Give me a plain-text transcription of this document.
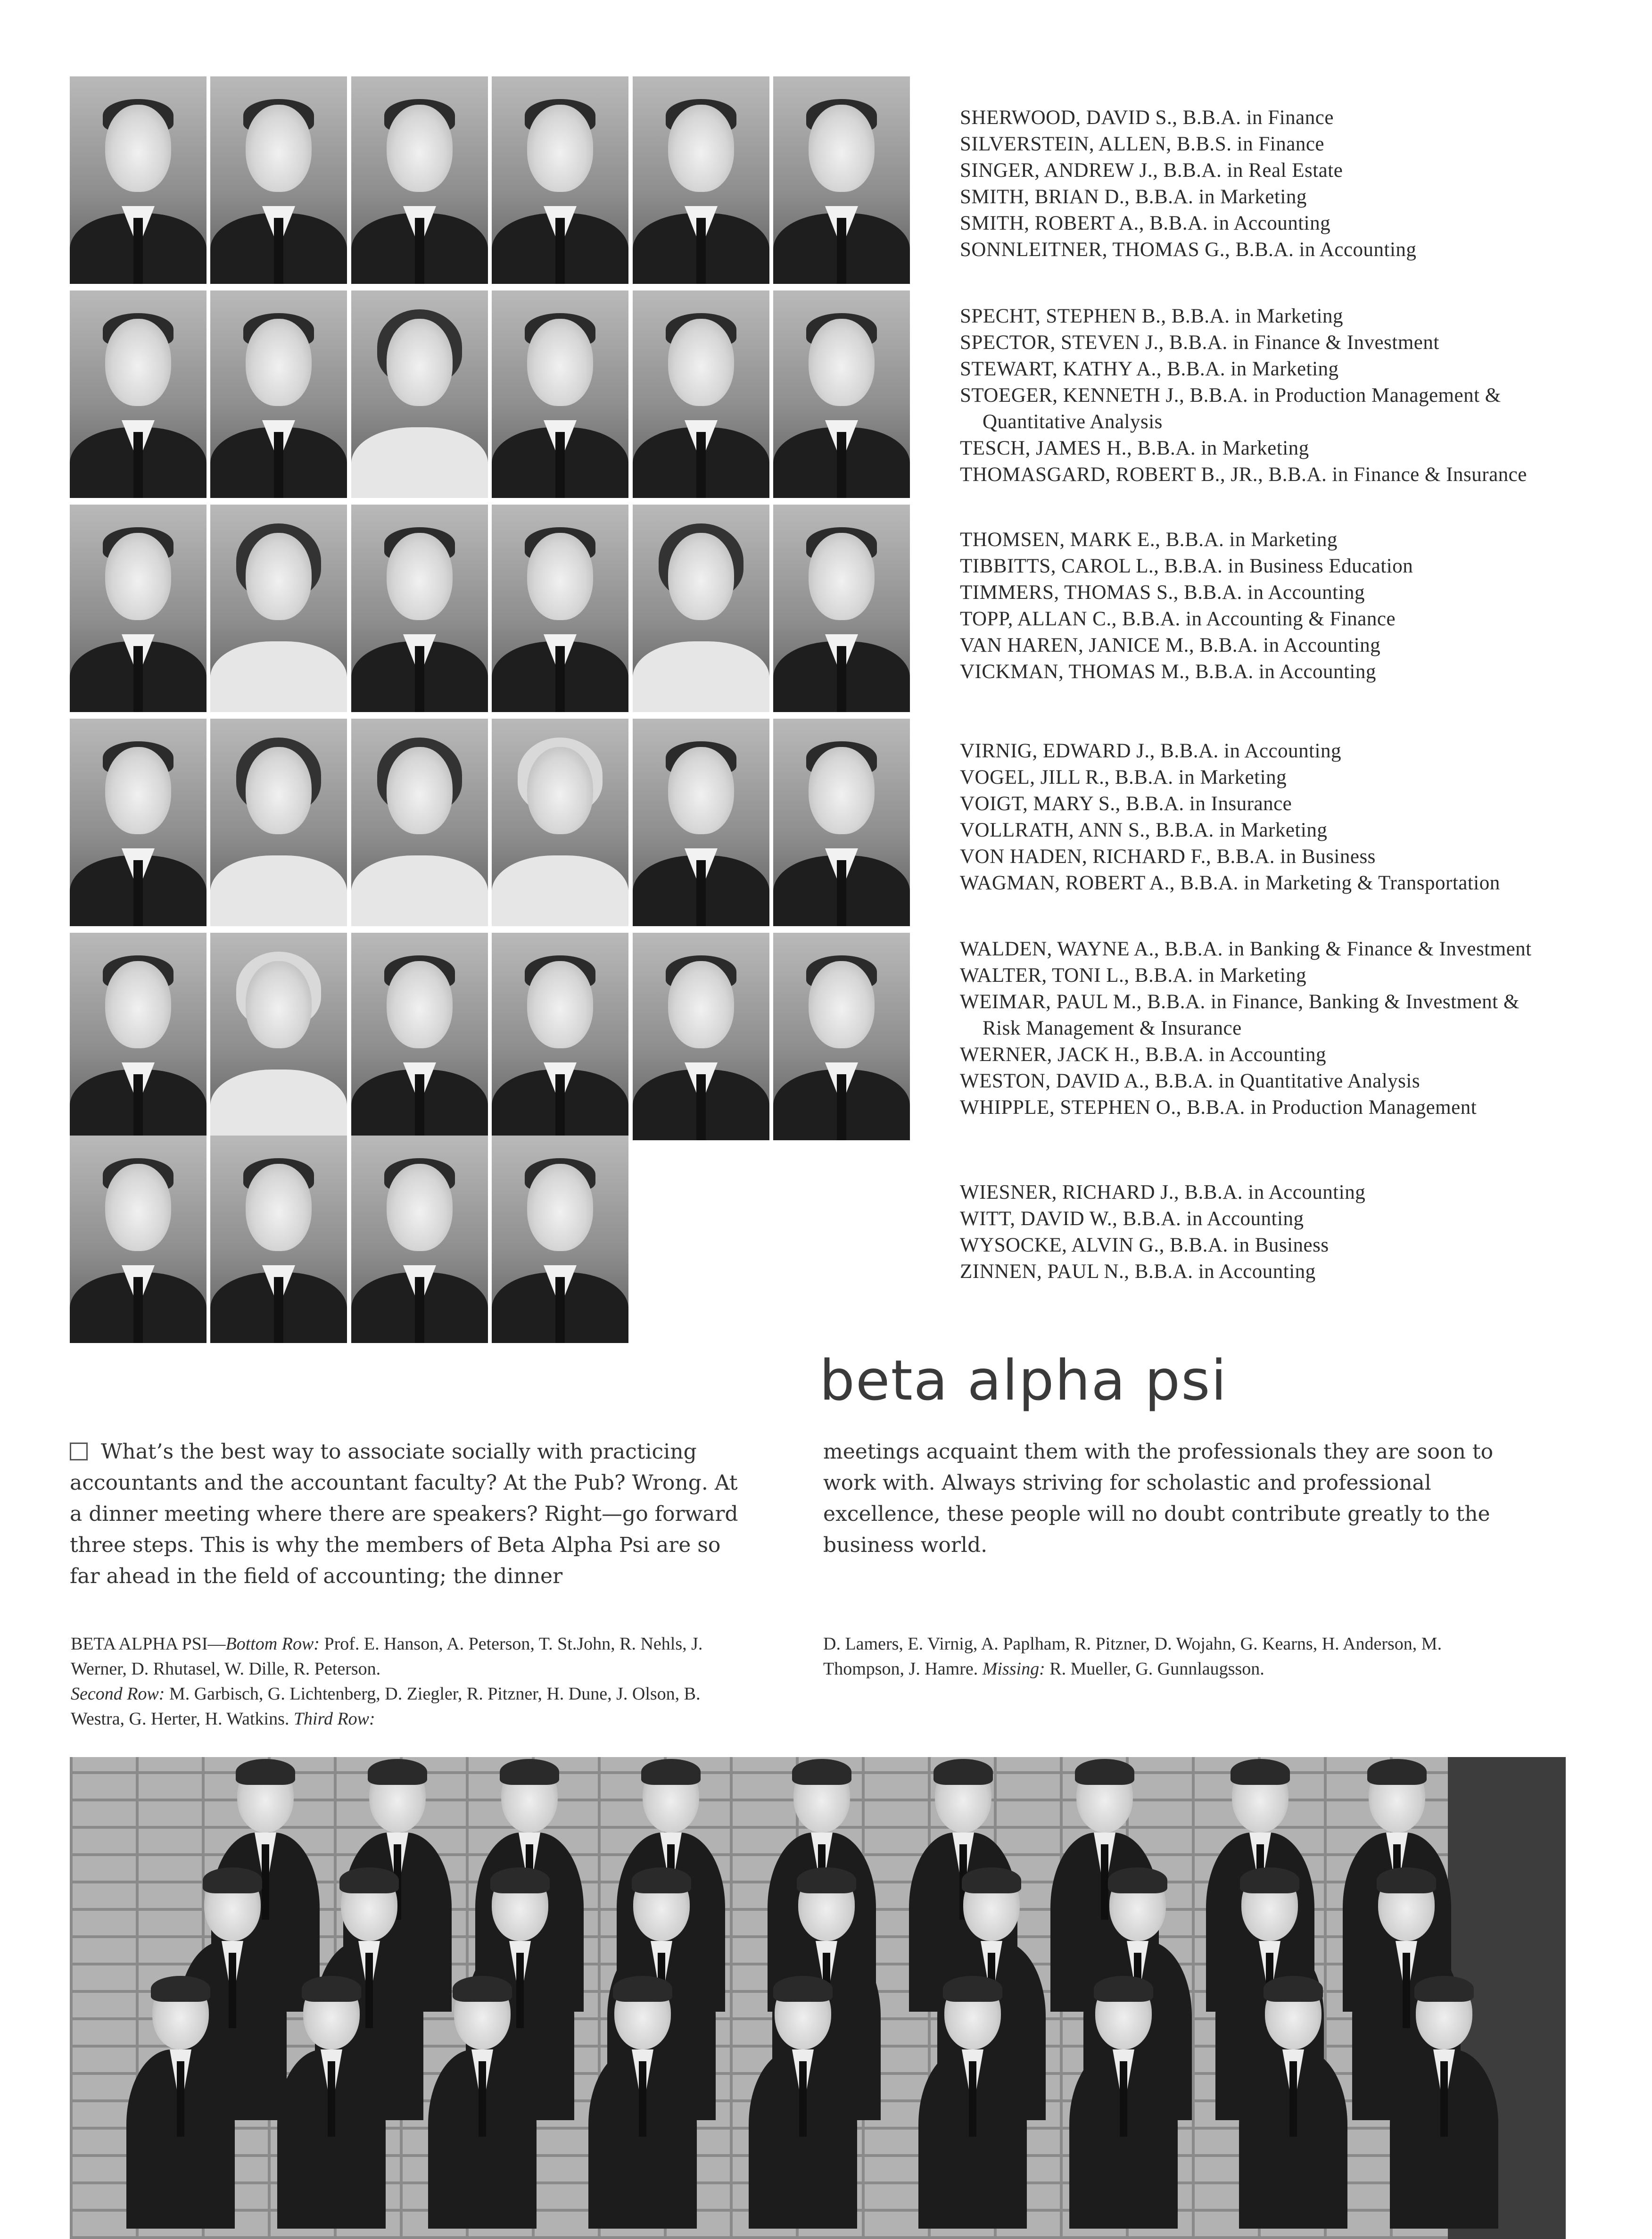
SHERWOOD, DAVID S., B.B.A. in Finance
SILVERSTEIN, ALLEN, B.B.S. in Finance
SINGER, ANDREW J., B.B.A. in Real Estate
SMITH, BRIAN D., B.B.A. in Marketing
SMITH, ROBERT A., B.B.A. in Accounting
SONNLEITNER, THOMAS G., B.B.A. in Accounting
SPECHT, STEPHEN B., B.B.A. in Marketing
SPECTOR, STEVEN J., B.B.A. in Finance & Investment
STEWART, KATHY A., B.B.A. in Marketing
STOEGER, KENNETH J., B.B.A. in Production Management &
Quantitative Analysis
TESCH, JAMES H., B.B.A. in Marketing
THOMASGARD, ROBERT B., JR., B.B.A. in Finance & Insurance
THOMSEN, MARK E., B.B.A. in Marketing
TIBBITTS, CAROL L., B.B.A. in Business Education
TIMMERS, THOMAS S., B.B.A. in Accounting
TOPP, ALLAN C., B.B.A. in Accounting & Finance
VAN HAREN, JANICE M., B.B.A. in Accounting
VICKMAN, THOMAS M., B.B.A. in Accounting
VIRNIG, EDWARD J., B.B.A. in Accounting
VOGEL, JILL R., B.B.A. in Marketing
VOIGT, MARY S., B.B.A. in Insurance
VOLLRATH, ANN S., B.B.A. in Marketing
VON HADEN, RICHARD F., B.B.A. in Business
WAGMAN, ROBERT A., B.B.A. in Marketing & Transportation
WALDEN, WAYNE A., B.B.A. in Banking & Finance & Investment
WALTER, TONI L., B.B.A. in Marketing
WEIMAR, PAUL M., B.B.A. in Finance, Banking & Investment &
Risk Management & Insurance
WERNER, JACK H., B.B.A. in Accounting
WESTON, DAVID A., B.B.A. in Quantitative Analysis
WHIPPLE, STEPHEN O., B.B.A. in Production Management
WIESNER, RICHARD J., B.B.A. in Accounting
WITT, DAVID W., B.B.A. in Accounting
WYSOCKE, ALVIN G., B.B.A. in Business
ZINNEN, PAUL N., B.B.A. in Accounting
beta alpha psi

What’s the best way to associate socially with practicing accountants and the accountant faculty? At the Pub? Wrong. At a dinner meeting where there are speakers? Right—go forward three steps. This is why the members of Beta Alpha Psi are so far ahead in the field of accounting; the dinner

meetings acquaint them with the professionals they are soon to work with. Always striving for scholastic and professional excellence, these people will no doubt contribute greatly to the business world.

BETA ALPHA PSI—Bottom Row: Prof. E. Hanson, A. Peterson, T. St.John, R. Nehls, J. Werner, D. Rhutasel, W. Dille, R. Peterson.
Second Row: M. Garbisch, G. Lichtenberg, D. Ziegler, R. Pitzner, H. Dune, J. Olson, B. Westra, G. Herter, H. Watkins. Third Row:

D. Lamers, E. Virnig, A. Paplham, R. Pitzner, D. Wojahn, G. Kearns, H. Anderson, M. Thompson, J. Hamre. Missing: R. Mueller, G. Gunnlaugsson.
